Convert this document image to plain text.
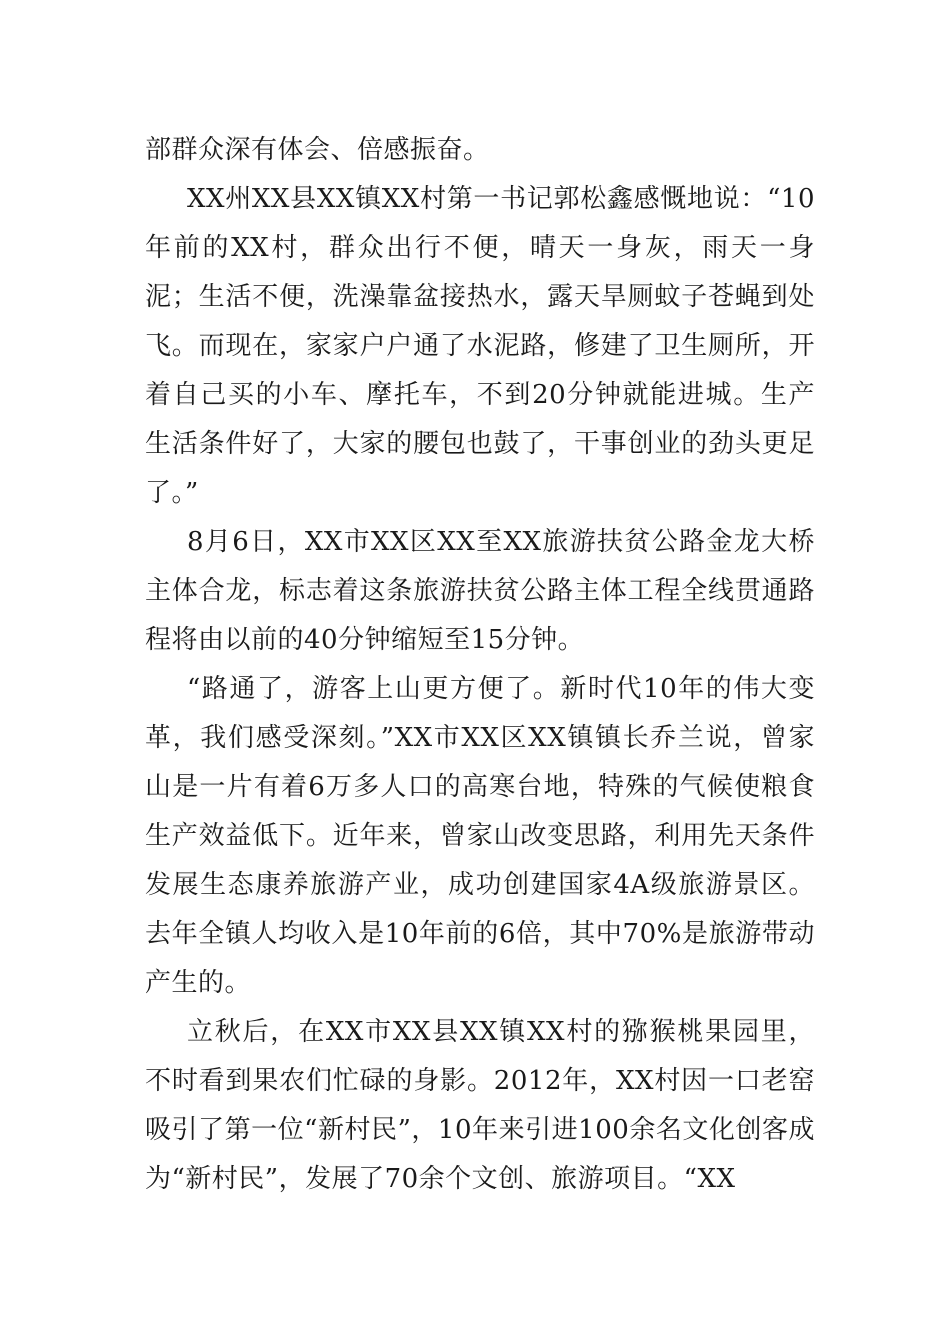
部群众深有体会、倍感振奋。

XX州XX县XX镇XX村第一书记郭松鑫感慨地说：“10年前的XX村，群众出行不便，晴天一身灰，雨天一身泥；生活不便，洗澡靠盆接热水，露天旱厕蚊子苍蝇到处飞。而现在，家家户户通了水泥路，修建了卫生厕所，开着自己买的小车、摩托车，不到20分钟就能进城。生产生活条件好了，大家的腰包也鼓了，干事创业的劲头更足了。”

8月6日，XX市XX区XX至XX旅游扶贫公路金龙大桥主体合龙，标志着这条旅游扶贫公路主体工程全线贯通路程将由以前的40分钟缩短至15分钟。

“路通了，游客上山更方便了。新时代10年的伟大变革，我们感受深刻。”XX市XX区XX镇镇长乔兰说，曾家山是一片有着6万多人口的高寒台地，特殊的气候使粮食生产效益低下。近年来，曾家山改变思路，利用先天条件发展生态康养旅游产业，成功创建国家4A级旅游景区。去年全镇人均收入是10年前的6倍，其中70%是旅游带动产生的。

立秋后，在XX市XX县XX镇XX村的猕猴桃果园里，不时看到果农们忙碌的身影。2012年，XX村因一口老窑吸引了第一位“新村民”，10年来引进100余名文化创客成为“新村民”，发展了70余个文创、旅游项目。“XX
